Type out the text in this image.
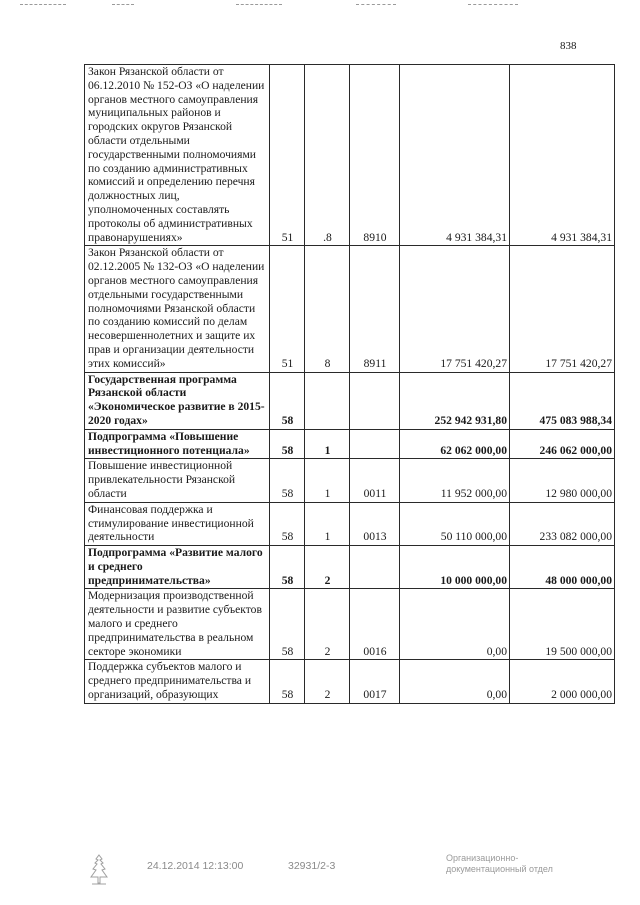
838
Закон Рязанской области от 06.12.2010 № 152-ОЗ «О наделении органов местного самоуправления муниципальных районов и городских округов Рязанской области отдельными государственными полномочиями по созданию административных комиссий и определению перечня должностных лиц, уполномоченных составлять протоколы об административных правонарушениях»	51	.8	8910	4 931 384,31	4 931 384,31
Закон Рязанской области от 02.12.2005 № 132-ОЗ «О наделении органов местного самоуправления отдельными государственными полномочиями Рязанской области по созданию комиссий по делам несовершеннолетних и защите их прав и организации деятельности этих комиссий»	51	8	8911	17 751 420,27	17 751 420,27
Государственная программа Рязанской области «Экономическое развитие в 2015-2020 годах»	58			252 942 931,80	475 083 988,34
Подпрограмма «Повышение инвестиционного потенциала»	58	1		62 062 000,00	246 062 000,00
Повышение инвестиционной привлекательности Рязанской области	58	1	0011	11 952 000,00	12 980 000,00
Финансовая поддержка и стимулирование инвестиционной деятельности	58	1	0013	50 110 000,00	233 082 000,00
Подпрограмма «Развитие малого и среднего предпринимательства»	58	2		10 000 000,00	48 000 000,00
Модернизация производственной деятельности и развитие субъектов малого и среднего предпринимательства в реальном секторе экономики	58	2	0016	0,00	19 500 000,00
Поддержка субъектов малого и среднего предпринимательства и организаций, образующих	58	2	0017	0,00	2 000 000,00
24.12.2014 12:13:00	32931/2-3
Организационно-
документационный отдел
